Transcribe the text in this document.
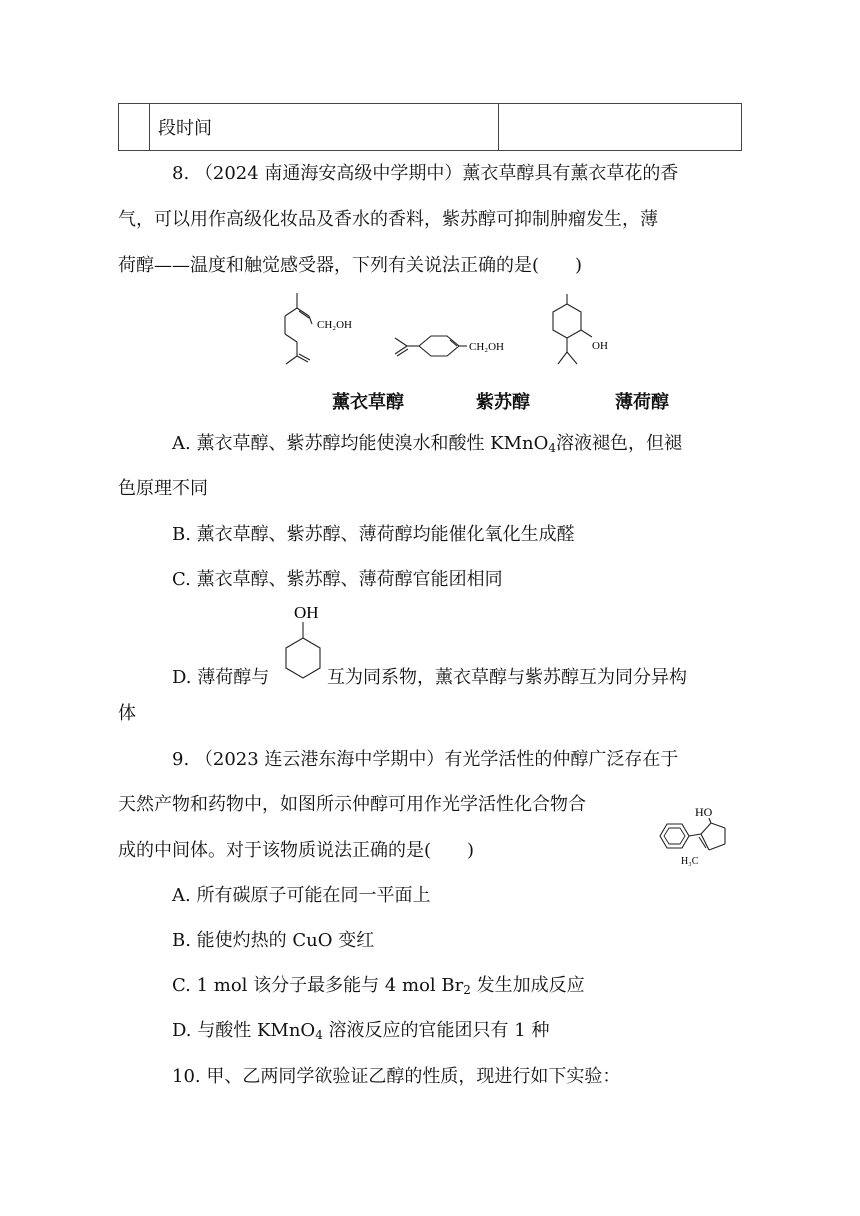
	段时间	
8. （2024 南通海安高级中学期中）薰衣草醇具有薰衣草花的香
气，可以用作高级化妆品及香水的香料，紫苏醇可抑制肿瘤发生，薄
荷醇——温度和触觉感受器，下列有关说法正确的是(　　)
CH₂OH
CH₂OH	OH
薰衣草醇	紫苏醇	薄荷醇
A. 薰衣草醇、紫苏醇均能使溴水和酸性 KMnO$_4$溶液褪色，但褪
色原理不同
B. 薰衣草醇、紫苏醇、薄荷醇均能催化氧化生成醛
C. 薰衣草醇、紫苏醇、薄荷醇官能团相同
D. 薄荷醇与
OH
互为同系物，薰衣草醇与紫苏醇互为同分异构
体
9. （2023 连云港东海中学期中）有光学活性的仲醇广泛存在于
天然产物和药物中，如图所示仲醇可用作光学活性化合物合
成的中间体。对于该物质说法正确的是(　　)
HO
H₃C
A. 所有碳原子可能在同一平面上
B. 能使灼热的 CuO 变红
C. 1 mol 该分子最多能与 4 mol $Br_2$ 发生加成反应
D. 与酸性 KMnO$_4$ 溶液反应的官能团只有 1 种
10. 甲、乙两同学欲验证乙醇的性质，现进行如下实验：
